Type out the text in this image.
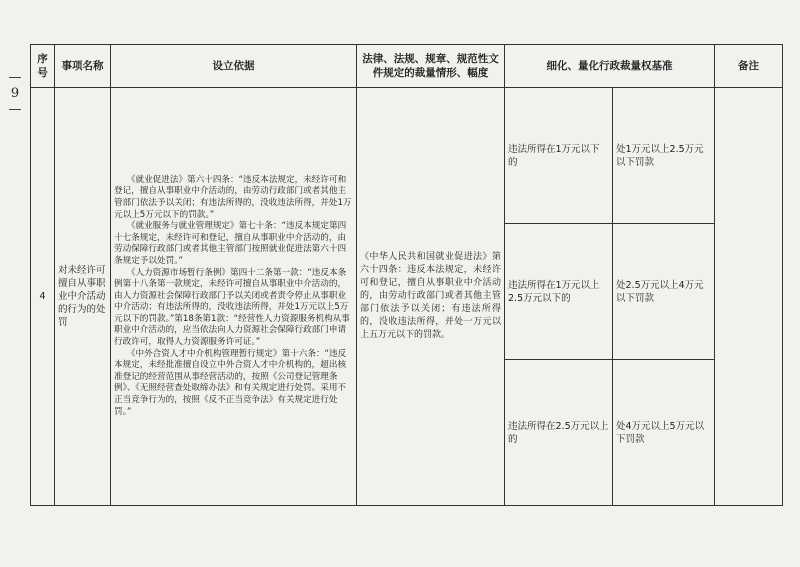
—
9
—
序号	事项名称	设立依据	法律、法规、规章、规范性文件规定的裁量情形、幅度	细化、量化行政裁量权基准		备注
4	对未经许可擅自从事职业中介活动的行为的处罚	《就业促进法》第六十四条：“违反本法规定，未经许可和登记，擅自从事职业中介活动的，由劳动行政部门或者其他主管部门依法予以关闭；有违法所得的，没收违法所得，并处1万元以上5万元以下的罚款。”

《就业服务与就业管理规定》第七十条：“违反本规定第四十七条规定，未经许可和登记，擅自从事职业中介活动的，由劳动保障行政部门或者其他主管部门按照就业促进法第六十四条规定予以处罚。”

《人力资源市场暂行条例》第四十二条第一款：“违反本条例第十八条第一款规定，未经许可擅自从事职业中介活动的，由人力资源社会保障行政部门予以关闭或者责令停止从事职业中介活动；有违法所得的，没收违法所得，并处1万元以上5万元以下的罚款。”第18条第1款：“经营性人力资源服务机构从事职业中介活动的，应当依法向人力资源社会保障行政部门申请行政许可，取得人力资源服务许可证。”

《中外合资人才中介机构管理暂行规定》第十六条：“违反本规定，未经批准擅自设立中外合资人才中介机构的，超出核准登记的经营范围从事经营活动的，按照《公司登记管理条例》、《无照经营查处取缔办法》和有关规定进行处罚。采用不正当竞争行为的，按照《反不正当竞争法》有关规定进行处罚。”	《中华人民共和国就业促进法》第六十四条：违反本法规定，未经许可和登记，擅自从事职业中介活动的，由劳动行政部门或者其他主管部门依法予以关闭；有违法所得的，没收违法所得，并处一万元以上五万元以下的罚款。	违法所得在1万元以下的	处1万元以上2.5万元以下罚款	
				违法所得在1万元以上2.5万元以下的	处2.5万元以上4万元以下罚款	
				违法所得在2.5万元以上的	处4万元以上5万元以下罚款	
